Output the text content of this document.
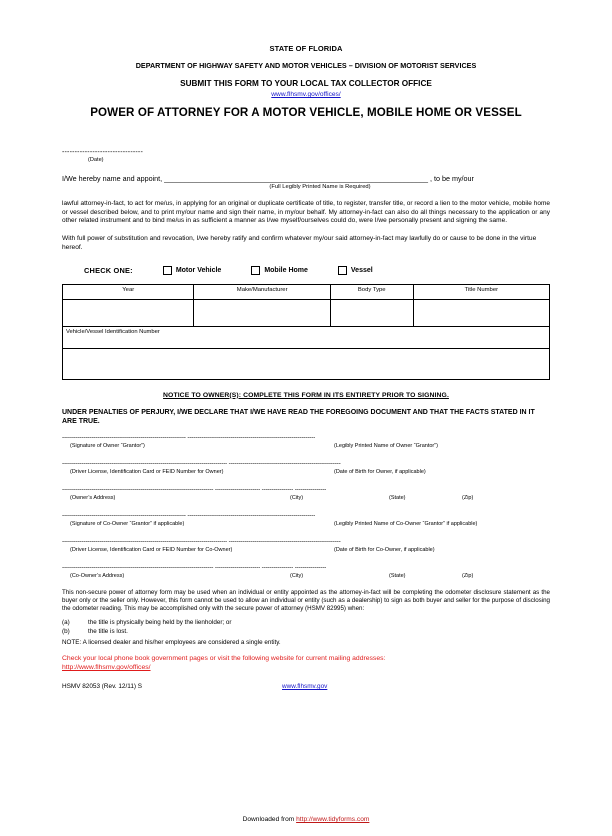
STATE OF FLORIDA
DEPARTMENT OF HIGHWAY SAFETY AND MOTOR VEHICLES – DIVISION OF MOTORIST SERVICES
SUBMIT THIS FORM TO YOUR LOCAL TAX COLLECTOR OFFICE
www.flhsmv.gov/offices/
POWER OF ATTORNEY FOR A MOTOR VEHICLE, MOBILE HOME OR VESSEL
--------------------------------
(Date)
I/We hereby name and appoint, __________________________________________________________________ , to be my/our
(Full Legibly Printed Name is Required)

lawful attorney-in-fact, to act for me/us, in applying for an original or duplicate certificate of title, to register, transfer title, or record a lien to the motor vehicle, mobile home or vessel described below, and to print my/our name and sign their name, in my/our behalf. My attorney-in-fact can also do all things necessary to the application or any other related instrument and to bind me/us in as sufficient a manner as I/we myself/ourselves could do, were I/we personally present and signing the same.

With full power of substitution and revocation, I/we hereby ratify and confirm whatever my/our said attorney-in-fact may lawfully do or cause to be done in the virtue hereof.

CHECK ONE:	Motor Vehicle	Mobile Home	Vessel
Year	Make/Manufacturer	Body Type	Title Number

Vehicle/Vessel Identification Number			

NOTICE TO OWNER(S): COMPLETE THIS FORM IN ITS ENTIRETY PRIOR TO SIGNING.
UNDER PENALTIES OF PERJURY, I/WE DECLARE THAT I/WE HAVE READ THE FOREGOING DOCUMENT AND THAT THE FACTS STATED IN IT ARE TRUE.
--------------------------------------------------------------- -----------------------------------------------------------------
(Signature of Owner “Grantor”)	(Legibly Printed Name of Owner “Grantor”)
------------------------------------------------------------------------------------ ---------------------------------------------------------
(Driver License, Identification Card or FEID Number for Owner)	(Date of Birth for Owner, if applicable)
----------------------------------------------------------------------------- ----------------------- ---------------- ----------------
(Owner’s Address)	(City)	(State)	(Zip)
--------------------------------------------------------------- -----------------------------------------------------------------
(Signature of Co-Owner “Grantor” if applicable)	(Legibly Printed Name of Co-Owner “Grantor” if applicable)
------------------------------------------------------------------------------------ ---------------------------------------------------------
(Driver License, Identification Card or FEID Number for Co-Owner)	(Date of Birth for Co-Owner, if applicable)
----------------------------------------------------------------------------- ----------------------- ---------------- ----------------
(Co-Owner’s Address)	(City)	(State)	(Zip)

This non-secure power of attorney form may be used when an individual or entity appointed as the attorney-in-fact will be completing the odometer disclosure statement as the buyer only or the seller only. However, this form cannot be used to allow an individual or entity (such as a dealership) to sign as both buyer and seller for the purpose of disclosing the odometer reading. This may be accomplished only with the secure power of attorney (HSMV 82995) when:

(a)	the title is physically being held by the lienholder; or
(b)	the title is lost.
NOTE: A licensed dealer and his/her employees are considered a single entity.
Check your local phone book government pages or visit the following website for current mailing addresses:
http://www.flhsmv.gov/offices/
HSMV 82053 (Rev. 12/11) S	www.flhsmv.gov
Downloaded from http://www.tidyforms.com
